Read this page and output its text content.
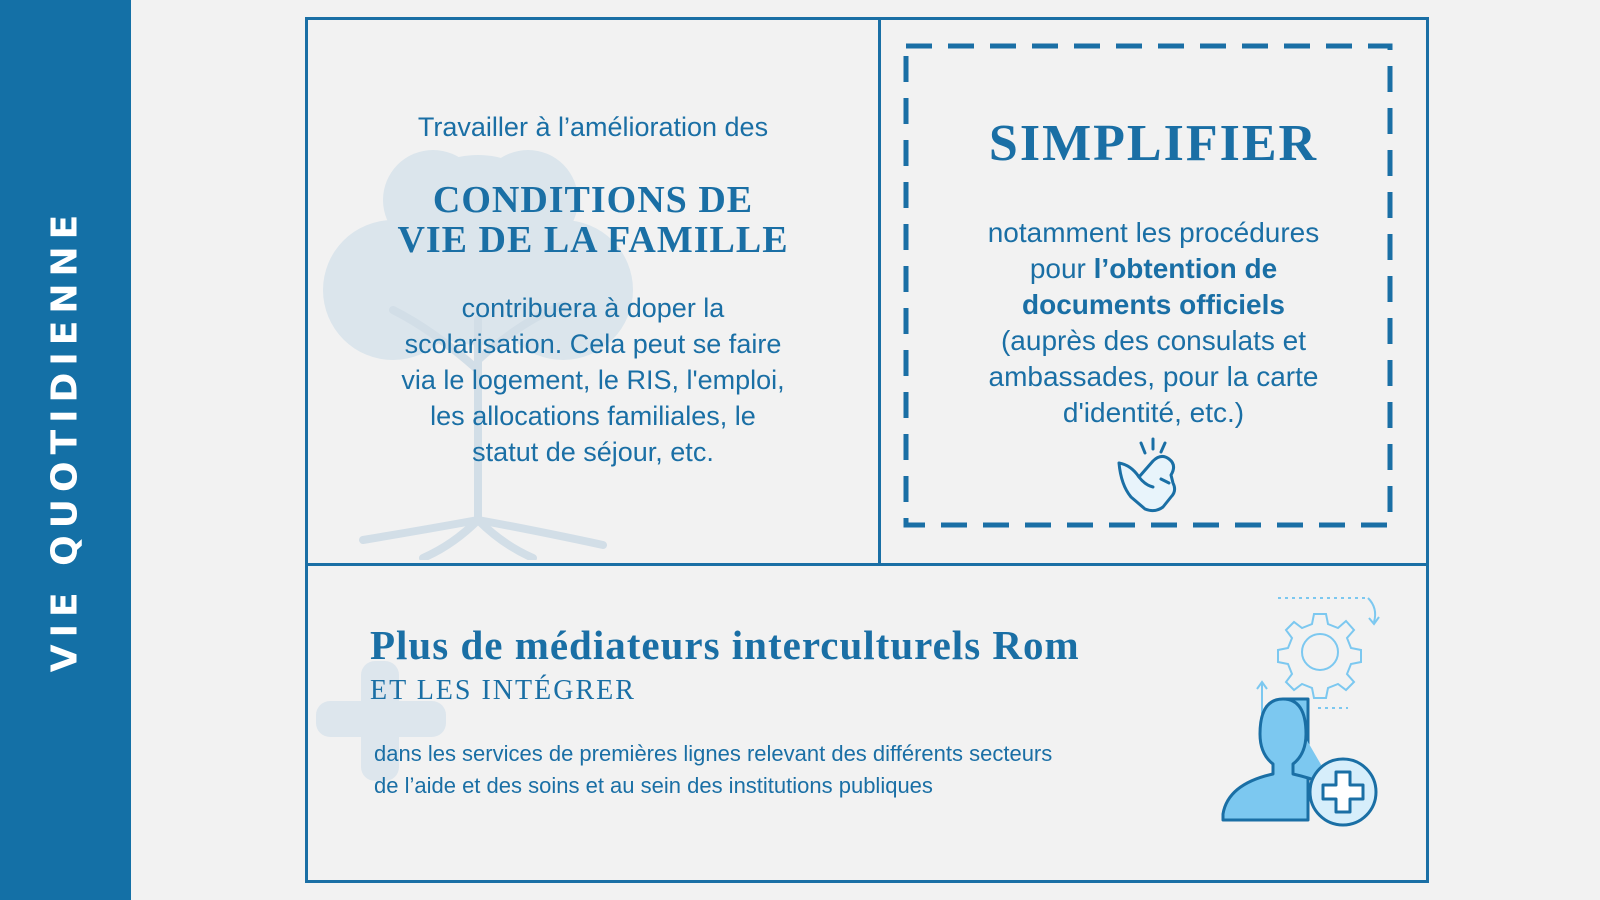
VIE QUOTIDIENNE
Travailler à l’amélioration des
CONDITIONS DE
VIE DE LA FAMILLE
contribuera à doper la
scolarisation. Cela peut se faire
via le logement, le RIS, l'emploi,
les allocations familiales, le
statut de séjour, etc.
SIMPLIFIER
notamment les procédures
pour l’obtention de
documents officiels
(auprès des consulats et
ambassades, pour la carte
d'identité, etc.)
Plus de médiateurs interculturels Rom
ET LES INTÉGRER
dans les services de premières lignes relevant des différents secteurs
de l’aide et des soins et au sein des institutions publiques
